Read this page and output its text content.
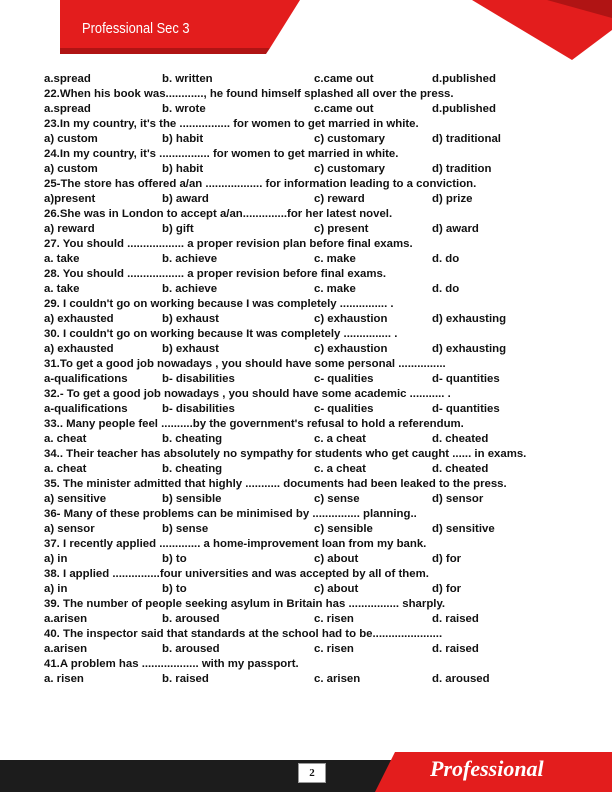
Professional Sec 3
a.spread	b. written	c.came out	d.published
22.When his book was............, he found himself splashed all over the press.
a.spread	b. wrote	c.came out	d.published
23.In my country, it's the ................ for women to get married in white.
a) custom	b) habit	c) customary	d) traditional
24.In my country, it's ................ for women to get married in white.
a) custom	b) habit	c) customary	d) tradition
25-The store has offered a/an .................. for information leading to a conviction.
a)present	b) award	c) reward	d) prize
26.She was in London to accept a/an..............for her latest novel.
a) reward	b) gift	c) present	d) award
27. You should .................. a proper revision plan before final exams.
a. take	b. achieve	c. make	d. do
28. You should .................. a proper revision before final exams.
a. take	b. achieve	c. make	d. do
29. I couldn't go on working because I was completely ............... .
a) exhausted	b) exhaust	c) exhaustion	d) exhausting
30. I couldn't go on working because It was completely ............... .
a) exhausted	b) exhaust	c) exhaustion	d) exhausting
31.To get a good job nowadays , you should have some personal ...............
a-qualifications	b- disabilities	c- qualities	d- quantities
32.- To get a good job nowadays , you should have some academic ........... .
a-qualifications	b- disabilities	c- qualities	d- quantities
33.. Many people feel ..........by the government's refusal to hold a referendum.
a. cheat	b. cheating	c. a cheat	d. cheated
34.. Their teacher has absolutely no sympathy for students who get caught ...... in exams.
a. cheat	b. cheating	c. a cheat	d. cheated
35. The minister admitted that highly ........... documents had been leaked to the press.
a) sensitive	b) sensible	c) sense	d) sensor
36- Many of these problems can be minimised by ............... planning..
a) sensor	b) sense	c) sensible	d) sensitive
37. I recently applied ............. a home-improvement loan from my bank.
a) in	b) to	c) about	d) for
38. I applied ...............four universities and was accepted by all of them.
a) in	b) to	c) about	d) for
39. The number of people seeking asylum in Britain has ................ sharply.
a.arisen	b. aroused	c. risen	d. raised
40. The inspector said that standards at the school had to be......................
a.arisen	b. aroused	c. risen	d. raised
41.A problem has .................. with my passport.
a. risen	b. raised	c. arisen	d. aroused
2	Professional
